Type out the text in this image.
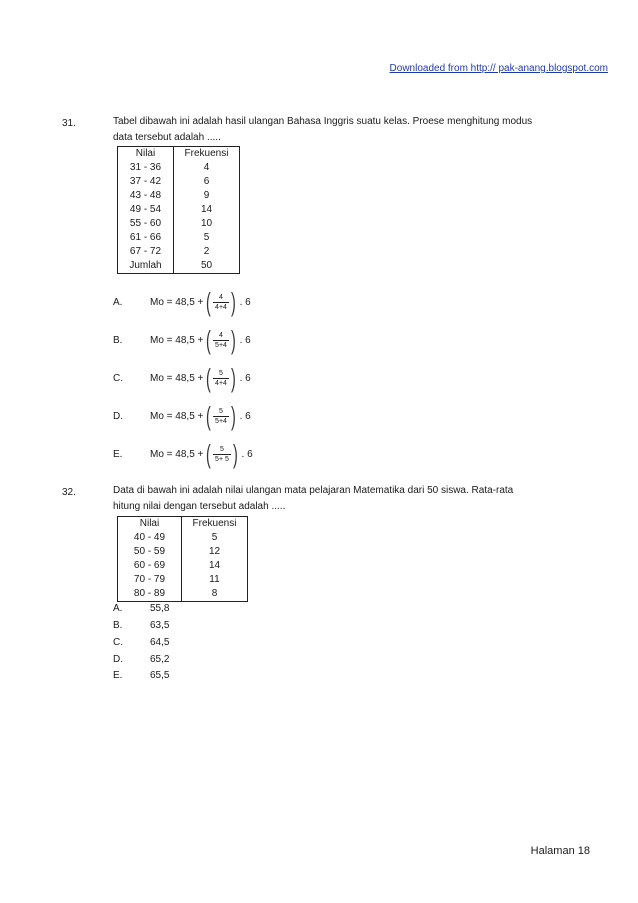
Downloaded from http:// pak-anang.blogspot.com
31.	Tabel dibawah ini adalah hasil ulangan Bahasa Inggris suatu kelas. Proese menghitung modus
data tersebut adalah .....
Nilai	Frekuensi
31 - 36	4
37 - 42	6
43 - 48	9
49 - 54	14
55 - 60	10
61 - 66	5
67 - 72	2
Jumlah	50
A.	Mo = 48,5 + ( $\frac{4}{4+4}$ ) . 6
B.	Mo = 48,5 + ( $\frac{4}{5+4}$ ) . 6
C.	Mo = 48,5 + ( $\frac{5}{4+4}$ ) . 6
D.	Mo = 48,5 + ( $\frac{5}{5+4}$ ) . 6
E.	Mo = 48,5 + ( $\frac{5}{5+ 5}$ ) . 6
32.	Data di bawah ini adalah nilai ulangan mata pelajaran Matematika dari 50 siswa. Rata-rata
hitung nilai dengan tersebut adalah .....
Nilai	Frekuensi
40 - 49	5
50 - 59	12
60 - 69	14
70 - 79	11
80 - 89	8
A.	55,8
B.	63,5
C.	64,5
D.	65,2
E.	65,5
Halaman 18
